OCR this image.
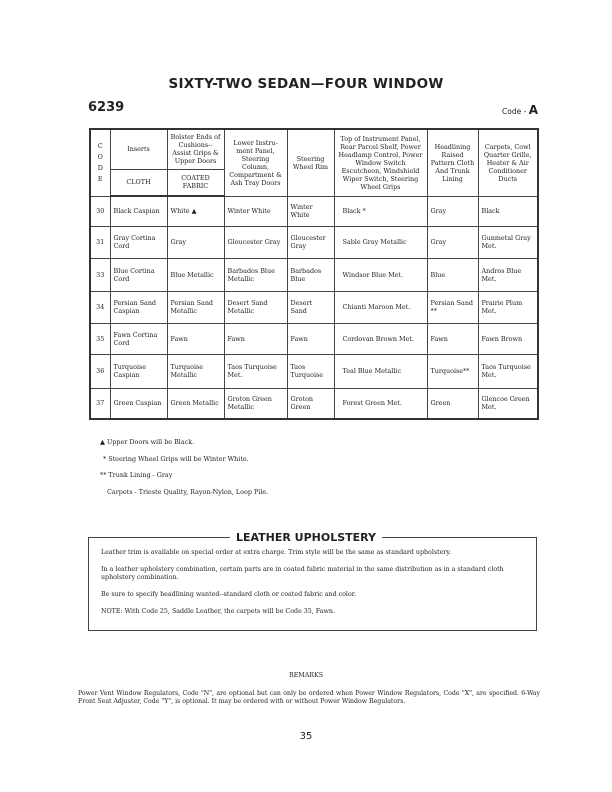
SIXTY-TWO SEDAN—FOUR WINDOW
6239	Code - A
C
O
D
E	Inserts	Bolster Ends of Cushions-- Assist Grips & Upper Doors	Lower Instru- ment Panel, Steering Column, Compartment & Ash Tray Doors	Steering Wheel Rim	Top of Instrument Panel, Rear Parcel Shelf, Power Headlamp Control, Power Window Switch Escutcheon, Windshield Wiper Switch, Steering Wheel Grips	Headlining Raised Pattern Cloth And Trunk Lining	Carpets, Cowl Quarter Grille, Heater & Air Conditioner Ducts
	CLOTH	COATED FABRIC					
30	Black Caspian	White ▲	Winter White	Winter White	Black *	Gray	Black
31	Gray Cortina Cord	Gray	Gloucester Gray	Gloucester Gray	Sable Gray Metallic	Gray	Gunmetal Gray Met.
33	Blue Cortina Cord	Blue Metallic	Barbados Blue Metallic	Barbados Blue	Windsor Blue Met.	Blue	Andros Blue Met.
34	Persian Sand Caspian	Persian Sand Metallic	Desert Sand Metallic	Desert Sand	Chianti Maroon Met.	Persian Sand **	Prairie Plum Met.
35	Fawn Cortina Cord	Fawn	Fawn	Fawn	Cordovan Brown Met.	Fawn	Fawn Brown
36	Turquoise Caspian	Turquoise Metallic	Taos Turquoise Met.	Taos Turquoise	Teal Blue Metallic	Turquoise**	Taos Turquoise Met.
37	Green Caspian	Green Metallic	Groton Green Metallic	Groton Green	Forest Green Met.	Green	Glencoe Green Met.
▲ Upper Doors will be Black.
* Steering Wheel Grips will be Winter White.
** Trunk Lining - Gray
Carpets - Trieste Quality, Rayon-Nylon, Loop Pile.
Leather trim is available on special order at extra charge. Trim style will be the same as standard upholstery.
In a leather upholstery combination, certain parts are in coated fabric material in the same distribution as in a standard cloth upholstery combination.
Be sure to specify headlining wanted--standard cloth or coated fabric and color.
NOTE: With Code 25, Saddle Leather, the carpets will be Code 35, Fawn.
LEATHER UPHOLSTERY
REMARKS
Power Vent Window Regulators, Code "N", are optional but can only be ordered when Power Window Regulators, Code "X", are specified. 6-Way Front Seat Adjuster, Code "Y", is optional. It may be ordered with or without Power Window Regulators.
35
